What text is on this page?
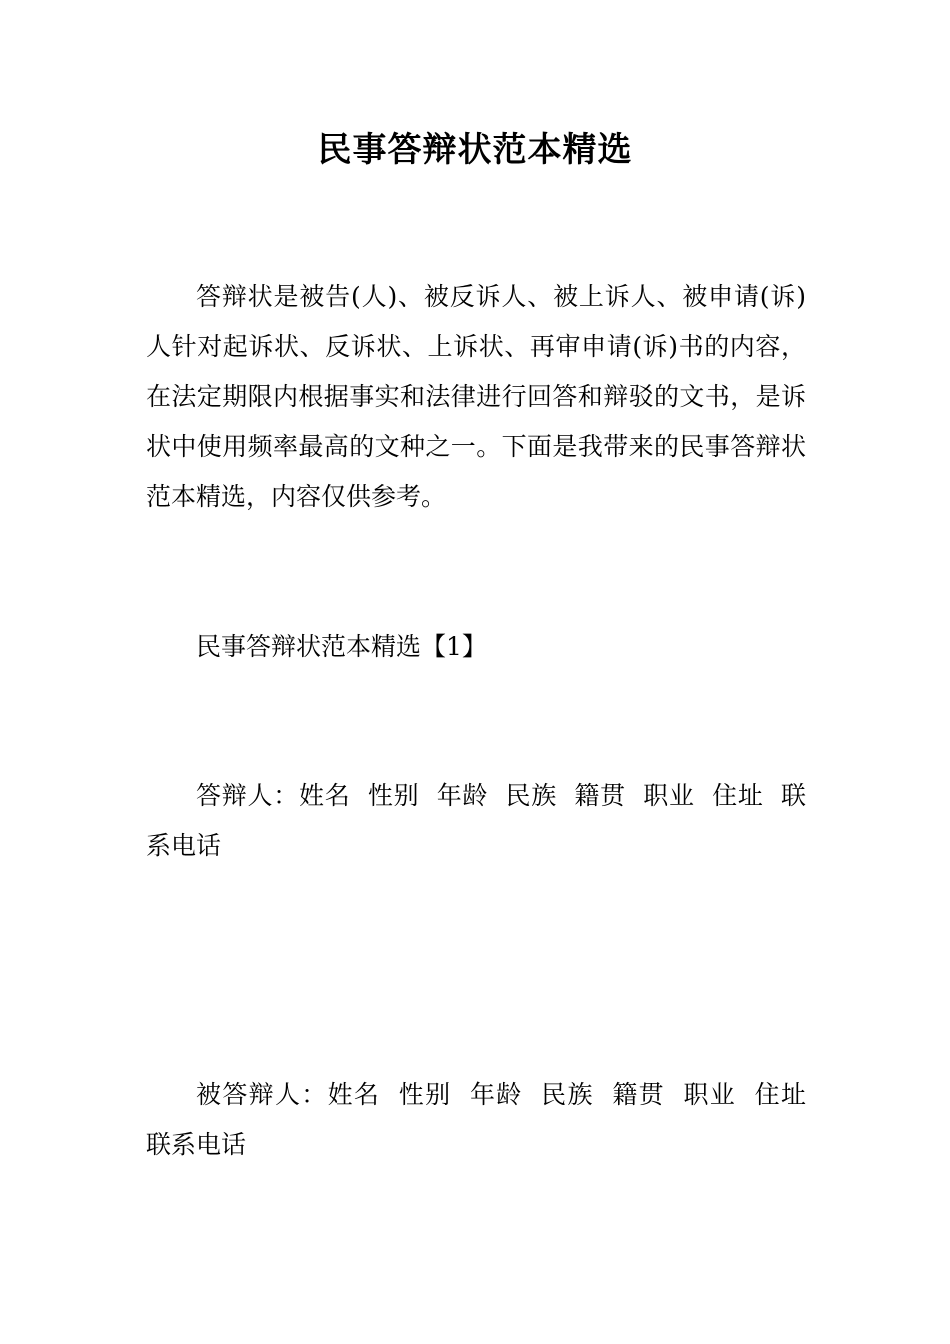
民事答辩状范本精选

答辩状是被告(人)、被反诉人、被上诉人、被申请(诉)人针对起诉状、反诉状、上诉状、再审申请(诉)书的内容，在法定期限内根据事实和法律进行回答和辩驳的文书，是诉状中使用频率最高的文种之一。下面是我带来的民事答辩状范本精选，内容仅供参考。

民事答辩状范本精选【1】

答辩人：姓名  性别  年龄  民族  籍贯  职业  住址  联系电话

被答辩人：姓名  性别  年龄  民族  籍贯  职业  住址  联系电话
